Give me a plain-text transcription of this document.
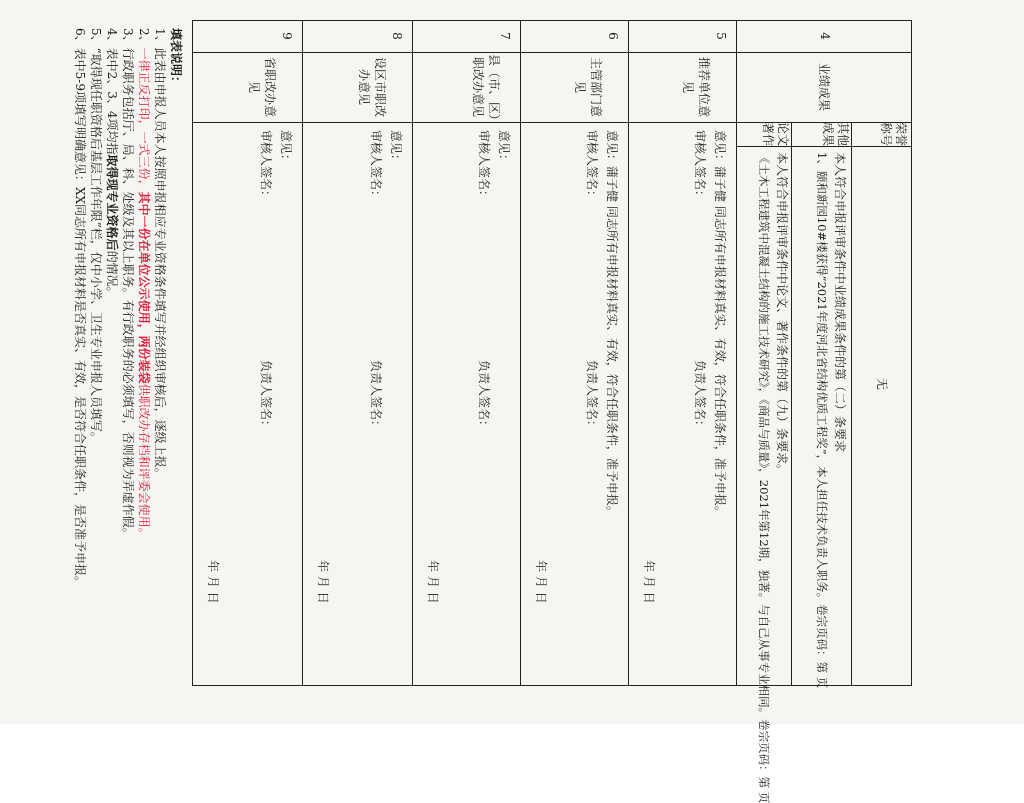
4
业绩成果
荣誉称号
无
其他成果
本人符合申报评审条件中业绩成果条件的第（二）条要求
1、颐和新园10#楼获得“2021年度河北省结构优质工程奖”，本人担任技术负责人职务。卷宗页码：第 页
论文著作
本人符合申报评审条件中论文、著作条件的第（九）条要求。
《土木工程建筑中混凝土结构的施工技术研究》，《商品与质量》，2021年第12期，独著。与自己从事专业相同。卷宗页码：第 页
5
推荐单位意见
意见：蒲子健 同志所有申报材料真实、有效，符合任职条件，准予申报。
审核人签名：
负责人签名：
年 月 日
6
主管部门意见
意见：蒲子健 同志所有申报材料真实、有效，符合任职条件，准予申报。
审核人签名：
负责人签名：
年 月 日
7
县（市、区）职改办意见
意见：
审核人签名：
负责人签名：
年 月 日
8
设区市职改办意见
意见：
审核人签名：
负责人签名：
年 月 日
9
省职改办意见
意见：
审核人签名：
负责人签名：
年 月 日
填表说明：
1、此表由申报人员本人按照申报相应专业资格条件填写并经组织审核后，逐级上报。
2、一律正反打印，一式三份，其中一份在单位公示使用，两份装袋供职改办存档和评委会使用。
3、行政职务包括厅、局、科、处级及其以上职务。有行政职务的必须填写，否则视为弄虚作假。
4、表中2、3、4项均指取得现专业资格后的情况。
5、“取得现任职资格后基层工作年限”栏，仅中小学、卫生专业申报人员填写。
6、表中5-9项填写明确意见：XX同志所有申报材料是否真实、有效，是否符合任职条件，是否准予申报。
